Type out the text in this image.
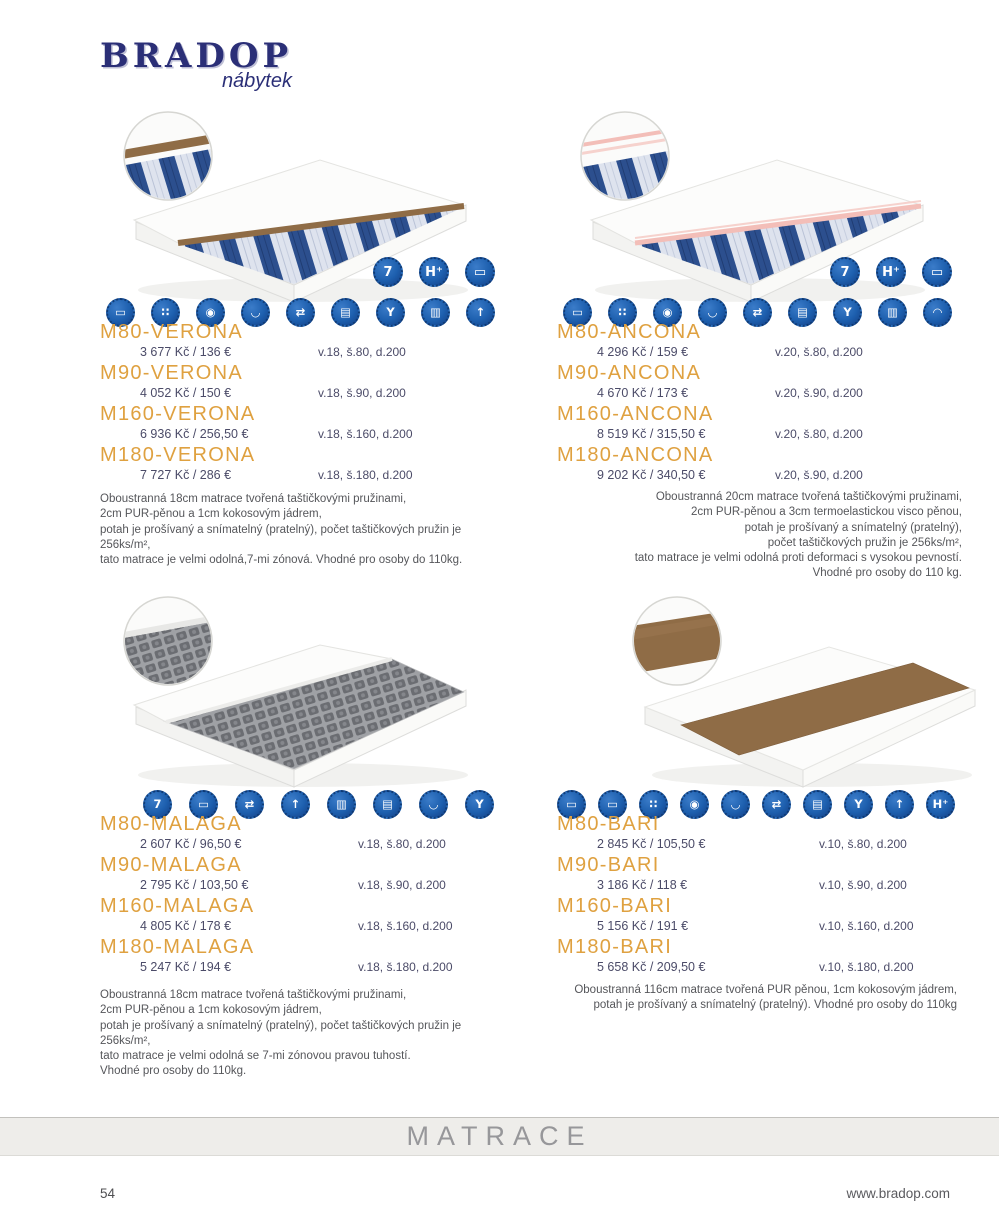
BRADOP
nábytek
7	H⁺	▭
▭	∷	◉	◡	⇄	▤	Y	▥	↑
M80-VERONA
3 677 Kč / 136 €	v.18, š.80, d.200
M90-VERONA
4 052 Kč / 150 €	v.18, š.90, d.200
M160-VERONA
6 936 Kč / 256,50 €	v.18, š.160, d.200
M180-VERONA
7 727 Kč / 286 €	v.18, š.180, d.200
Oboustranná 18cm matrace tvořená taštičkovými pružinami,
2cm PUR-pěnou a 1cm kokosovým jádrem,
potah je prošívaný a snímatelný (pratelný), počet taštičkových pružin je 256ks/m²,
tato matrace je velmi odolná,7-mi zónová. Vhodné pro osoby do 110kg.
7	H⁺	▭
▭	∷	◉	◡	⇄	▤	Y	▥	◠
M80-ANCONA
4 296 Kč / 159 €	v.20, š.80, d.200
M90-ANCONA
4 670 Kč / 173 €	v.20, š.90, d.200
M160-ANCONA
8 519 Kč / 315,50 €	v.20, š.80, d.200
M180-ANCONA
9 202 Kč / 340,50 €	v.20, š.90, d.200
Oboustranná 20cm matrace tvořená taštičkovými pružinami,
2cm PUR-pěnou a 3cm termoelastickou visco pěnou,
potah je prošívaný a snímatelný (pratelný),
počet taštičkových pružin je 256ks/m²,
tato matrace je velmi odolná proti deformaci s vysokou pevností.
Vhodné pro osoby do 110 kg.
7	▭	⇄	↑	▥	▤	◡	Y
M80-MALAGA
2 607 Kč / 96,50 €	v.18, š.80, d.200
M90-MALAGA
2 795 Kč / 103,50 €	v.18, š.90, d.200
M160-MALAGA
4 805 Kč / 178 €	v.18, š.160, d.200
M180-MALAGA
5 247 Kč / 194 €	v.18, š.180, d.200
Oboustranná 18cm matrace tvořená taštičkovými pružinami,
2cm PUR-pěnou a 1cm kokosovým jádrem,
potah je prošívaný a snímatelný (pratelný), počet taštičkových pružin je 256ks/m²,
tato matrace je velmi odolná se 7-mi zónovou pravou tuhostí.
Vhodné pro osoby do 110kg.
▭	▭	∷	◉	◡	⇄	▤	Y	↑	H⁺
M80-BARI
2 845 Kč / 105,50 €	v.10, š.80, d.200
M90-BARI
3 186 Kč / 118 €	v.10, š.90, d.200
M160-BARI
5 156 Kč / 191 €	v.10, š.160, d.200
M180-BARI
5 658 Kč / 209,50 €	v.10, š.180, d.200
Oboustranná 116cm matrace tvořená PUR pěnou, 1cm kokosovým jádrem,
potah je prošívaný a snímatelný (pratelný). Vhodné pro osoby do 110kg
MATRACE
54	www.bradop.com
